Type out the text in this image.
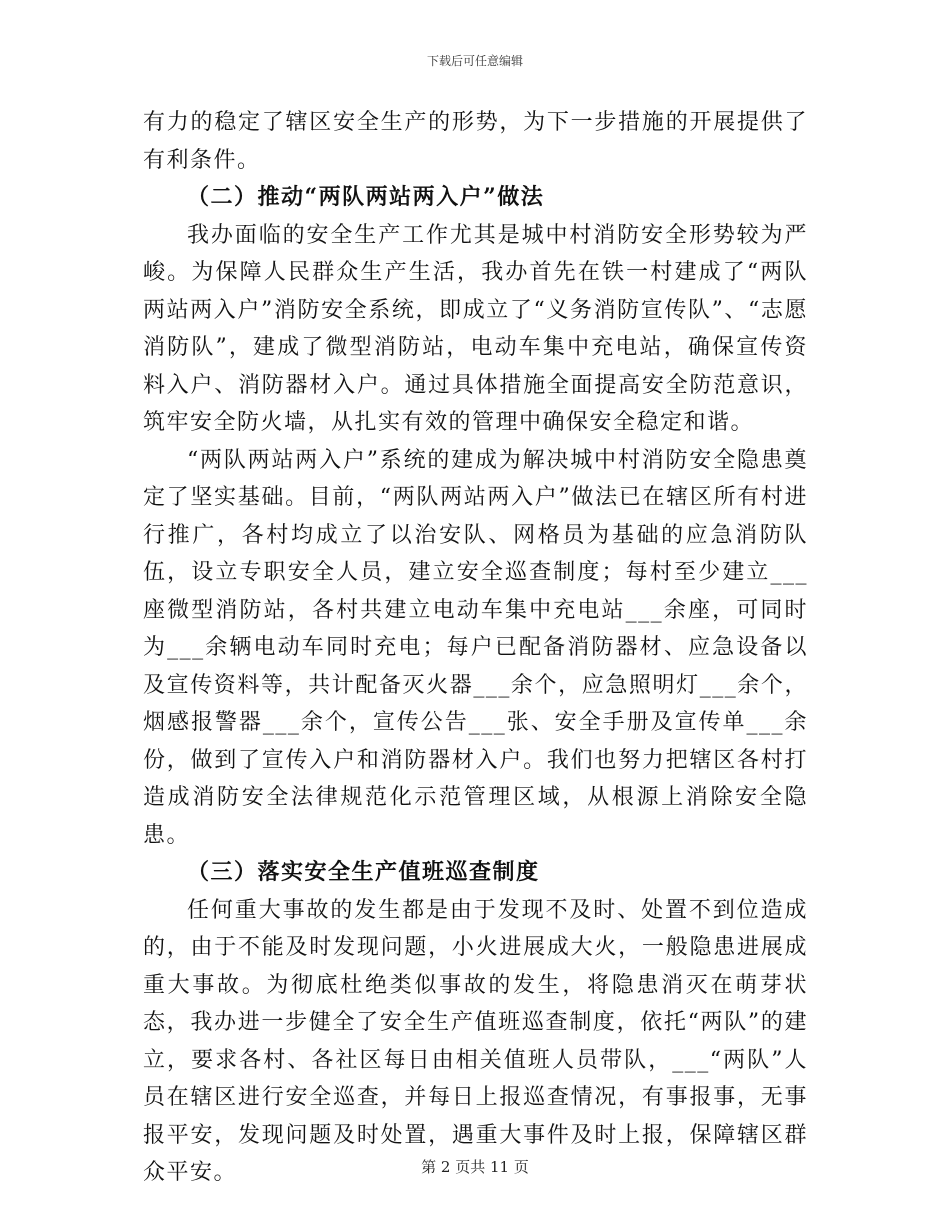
下载后可任意编辑

有力的稳定了辖区安全生产的形势，为下一步措施的开展提供了有利条件。

（二）推动“两队两站两入户”做法

我办面临的安全生产工作尤其是城中村消防安全形势较为严峻。为保障人民群众生产生活，我办首先在铁一村建成了“两队两站两入户”消防安全系统，即成立了“义务消防宣传队”、“志愿消防队”，建成了微型消防站，电动车集中充电站，确保宣传资料入户、消防器材入户。通过具体措施全面提高安全防范意识，筑牢安全防火墙，从扎实有效的管理中确保安全稳定和谐。

“两队两站两入户”系统的建成为解决城中村消防安全隐患奠定了坚实基础。目前，“两队两站两入户”做法已在辖区所有村进行推广，各村均成立了以治安队、网格员为基础的应急消防队伍，设立专职安全人员，建立安全巡查制度；每村至少建立___座微型消防站，各村共建立电动车集中充电站___余座，可同时为___余辆电动车同时充电；每户已配备消防器材、应急设备以及宣传资料等，共计配备灭火器___余个，应急照明灯___余个，烟感报警器___余个，宣传公告___张、安全手册及宣传单___余份，做到了宣传入户和消防器材入户。我们也努力把辖区各村打造成消防安全法律规范化示范管理区域，从根源上消除安全隐患。

（三）落实安全生产值班巡查制度

任何重大事故的发生都是由于发现不及时、处置不到位造成的，由于不能及时发现问题，小火进展成大火，一般隐患进展成重大事故。为彻底杜绝类似事故的发生，将隐患消灭在萌芽状态，我办进一步健全了安全生产值班巡查制度，依托“两队”的建立，要求各村、各社区每日由相关值班人员带队，___“两队”人员在辖区进行安全巡查，并每日上报巡查情况，有事报事，无事报平安，发现问题及时处置，遇重大事件及时上报，保障辖区群众平安。	第 2 页共 11 页
